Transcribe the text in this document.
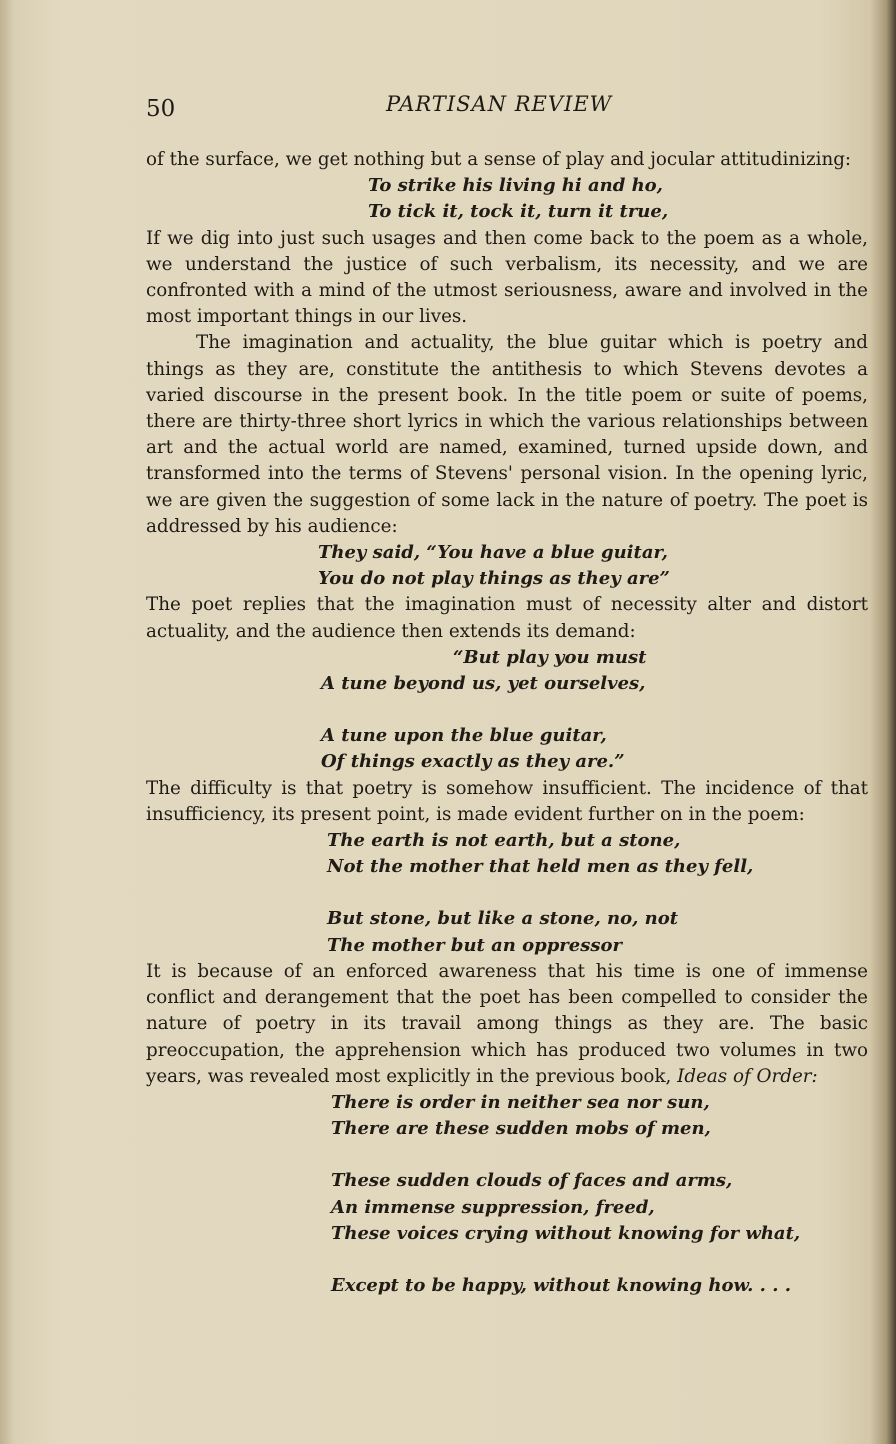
50	PARTISAN REVIEW

of the surface, we get nothing but a sense of play and jocular attitudinizing:

To strike his living hi and ho,
To tick it, tock it, turn it true,

If we dig into just such usages and then come back to the poem as a whole, we understand the justice of such verbalism, its necessity, and we are confronted with a mind of the utmost seriousness, aware and involved in the most important things in our lives.

The imagination and actuality, the blue guitar which is poetry and things as they are, constitute the antithesis to which Stevens devotes a varied discourse in the present book. In the title poem or suite of poems, there are thirty-three short lyrics in which the various relationships between art and the actual world are named, examined, turned upside down, and transformed into the terms of Stevens' personal vision. In the opening lyric, we are given the suggestion of some lack in the nature of poetry. The poet is addressed by his audience:

They said, “You have a blue guitar,
You do not play things as they are”

The poet replies that the imagination must of necessity alter and distort actuality, and the audience then extends its demand:

“But play you must
A tune beyond us, yet ourselves,
A tune upon the blue guitar,
Of things exactly as they are.”

The difficulty is that poetry is somehow insufficient. The incidence of that insufficiency, its present point, is made evident further on in the poem:

The earth is not earth, but a stone,
Not the mother that held men as they fell,
But stone, but like a stone, no, not
The mother but an oppressor

It is because of an enforced awareness that his time is one of immense conflict and derangement that the poet has been compelled to consider the nature of poetry in its travail among things as they are. The basic preoccupation, the apprehension which has produced two volumes in two years, was revealed most explicitly in the previous book, Ideas of Order:

There is order in neither sea nor sun,
There are these sudden mobs of men,
These sudden clouds of faces and arms,
An immense suppression, freed,
These voices crying without knowing for what,
Except to be happy, without knowing how. . . .
